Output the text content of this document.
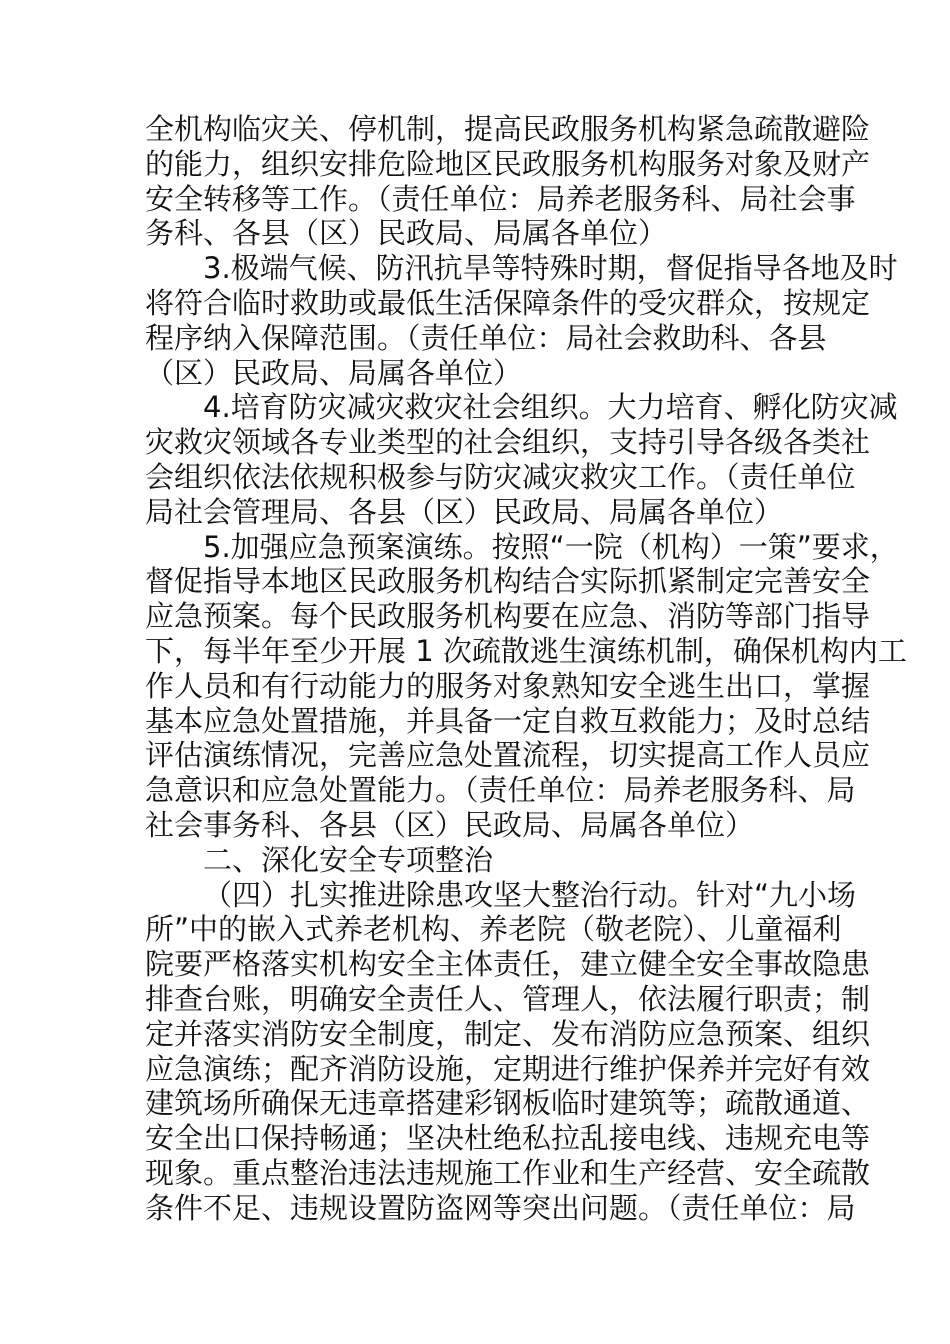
全机构临灾关、停机制，提高民政服务机构紧急疏散避险
的能力，组织安排危险地区民政服务机构服务对象及财产
安全转移等工作。（责任单位：局养老服务科、局社会事
务科、各县（区）民政局、局属各单位）
3.极端气候、防汛抗旱等特殊时期，督促指导各地及时
将符合临时救助或最低生活保障条件的受灾群众，按规定
程序纳入保障范围。（责任单位：局社会救助科、各县
（区）民政局、局属各单位）
4.培育防灾减灾救灾社会组织。大力培育、孵化防灾减
灾救灾领域各专业类型的社会组织，支持引导各级各类社
会组织依法依规积极参与防灾减灾救灾工作。（责任单位
局社会管理局、各县（区）民政局、局属各单位）
5.加强应急预案演练。按照“一院（机构）一策”要求，
督促指导本地区民政服务机构结合实际抓紧制定完善安全
应急预案。每个民政服务机构要在应急、消防等部门指导
下，每半年至少开展 1 次疏散逃生演练机制，确保机构内工
作人员和有行动能力的服务对象熟知安全逃生出口，掌握
基本应急处置措施，并具备一定自救互救能力；及时总结
评估演练情况，完善应急处置流程，切实提高工作人员应
急意识和应急处置能力。（责任单位：局养老服务科、局
社会事务科、各县（区）民政局、局属各单位）
二、深化安全专项整治
（四）扎实推进除患攻坚大整治行动。针对“九小场
所”中的嵌入式养老机构、养老院（敬老院）、儿童福利
院要严格落实机构安全主体责任，建立健全安全事故隐患
排查台账，明确安全责任人、管理人，依法履行职责；制
定并落实消防安全制度，制定、发布消防应急预案、组织
应急演练；配齐消防设施，定期进行维护保养并完好有效
建筑场所确保无违章搭建彩钢板临时建筑等；疏散通道、
安全出口保持畅通；坚决杜绝私拉乱接电线、违规充电等
现象。重点整治违法违规施工作业和生产经营、安全疏散
条件不足、违规设置防盗网等突出问题。（责任单位：局
